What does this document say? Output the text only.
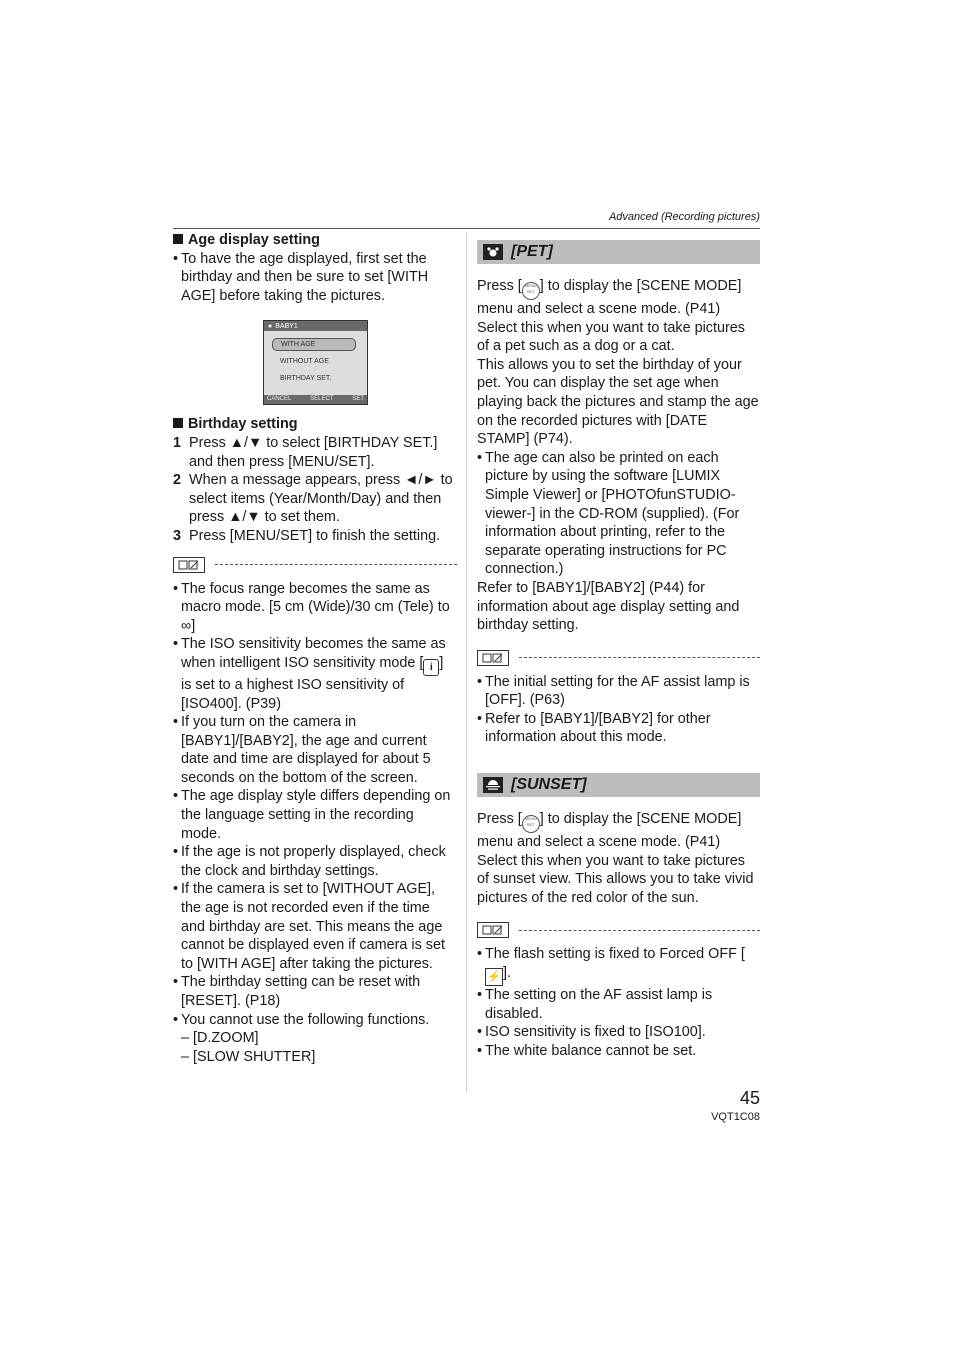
Advanced (Recording pictures)

Age display setting

• To have the age displayed, first set the birthday and then be sure to set [WITH AGE] before taking the pictures.
● BABY1
WITH AGE
WITHOUT AGE
BIRTHDAY SET.
CANCEL	SELECT	SET

Birthday setting

1 Press ▲/▼ to select [BIRTHDAY SET.] and then press [MENU/SET].
2 When a message appears, press ◄/► to select items (Year/Month/Day) and then press ▲/▼ to set them.
3 Press [MENU/SET] to finish the setting.
• The focus range becomes the same as macro mode. [5 cm (Wide)/30 cm (Tele) to ∞]
• The ISO sensitivity becomes the same as when intelligent ISO sensitivity mode [ i ] is set to a highest ISO sensitivity of [ISO400]. (P39)
• If you turn on the camera in [BABY1]/[BABY2], the age and current date and time are displayed for about 5 seconds on the bottom of the screen.
• The age display style differs depending on the language setting in the recording mode.
• If the age is not properly displayed, check the clock and birthday settings.
• If the camera is set to [WITHOUT AGE], the age is not recorded even if the time and birthday are set. This means the age cannot be displayed even if camera is set to [WITH AGE] after taking the pictures.
• The birthday setting can be reset with [RESET]. (P18)
• You cannot use the following functions.
– [D.ZOOM]
– [SLOW SHUTTER]
[PET]

Press [ MENU SET ] to display the [SCENE MODE] menu and select a scene mode. (P41)

Select this when you want to take pictures of a pet such as a dog or a cat.

This allows you to set the birthday of your pet. You can display the set age when playing back the pictures and stamp the age on the recorded pictures with [DATE STAMP] (P74).

• The age can also be printed on each picture by using the software [LUMIX Simple Viewer] or [PHOTOfunSTUDIO-viewer-] in the CD-ROM (supplied). (For information about printing, refer to the separate operating instructions for PC connection.)

Refer to [BABY1]/[BABY2] (P44) for information about age display setting and birthday setting.

• The initial setting for the AF assist lamp is [OFF]. (P63)
• Refer to [BABY1]/[BABY2] for other information about this mode.
[SUNSET]

Press [ MENU SET ] to display the [SCENE MODE] menu and select a scene mode. (P41)

Select this when you want to take pictures of sunset view. This allows you to take vivid pictures of the red color of the sun.

• The flash setting is fixed to Forced OFF [⚡ ].
• The setting on the AF assist lamp is disabled.
• ISO sensitivity is fixed to [ISO100].
• The white balance cannot be set.
45
VQT1C08
